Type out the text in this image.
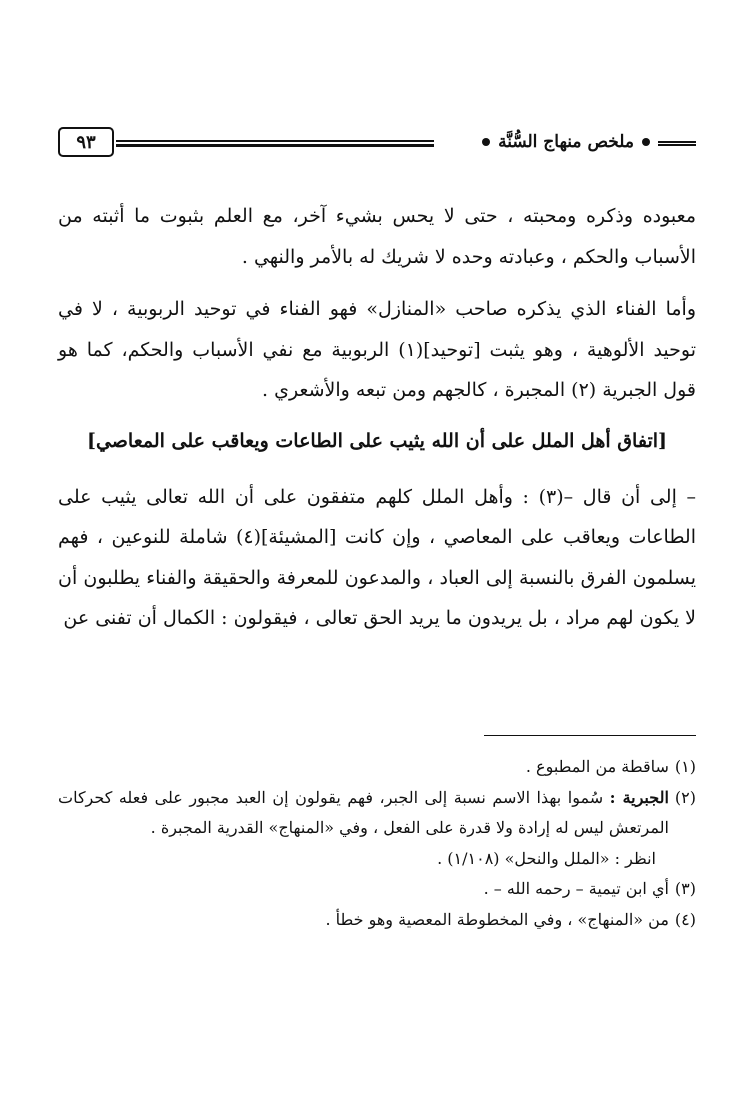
ملخص منهاج السُّنَّة
٩٣

معبوده وذكره ومحبته ، حتى لا يحس بشيء آخر، مع العلم بثبوت ما أثبته من الأسباب والحكم ، وعبادته وحده لا شريك له بالأمر والنهي .

وأما الفناء الذي يذكره صاحب «المنازل» فهو الفناء في توحيد الربوبية ، لا في توحيد الألوهية ، وهو يثبت [توحيد](١) الربوبية مع نفي الأسباب والحكم، كما هو قول الجبرية (٢) المجبرة ، كالجهم ومن تبعه والأشعري .

[اتفاق أهل الملل على أن الله يثيب على الطاعات ويعاقب على المعاصي]

– إلى أن قال –(٣) : وأهل الملل كلهم متفقون على أن الله تعالى يثيب على الطاعات ويعاقب على المعاصي ، وإن كانت [المشيئة](٤) شاملة للنوعين ، فهم يسلمون الفرق بالنسبة إلى العباد ، والمدعون للمعرفة والحقيقة والفناء يطلبون أن لا يكون لهم مراد ، بل يريدون ما يريد الحق تعالى ، فيقولون : الكمال أن تفنى عن

(١)
ساقطة من المطبوع .
(٢)
الجبرية : سُموا بهذا الاسم نسبة إلى الجبر، فهم يقولون إن العبد مجبور على فعله كحركات المرتعش ليس له إرادة ولا قدرة على الفعل ، وفي «المنهاج» القدرية المجبرة .
انظر : «الملل والنحل» (١/١٠٨) .
(٣)
أي ابن تيمية – رحمه الله – .
(٤)
من «المنهاج» ، وفي المخطوطة المعصية وهو خطأ .
